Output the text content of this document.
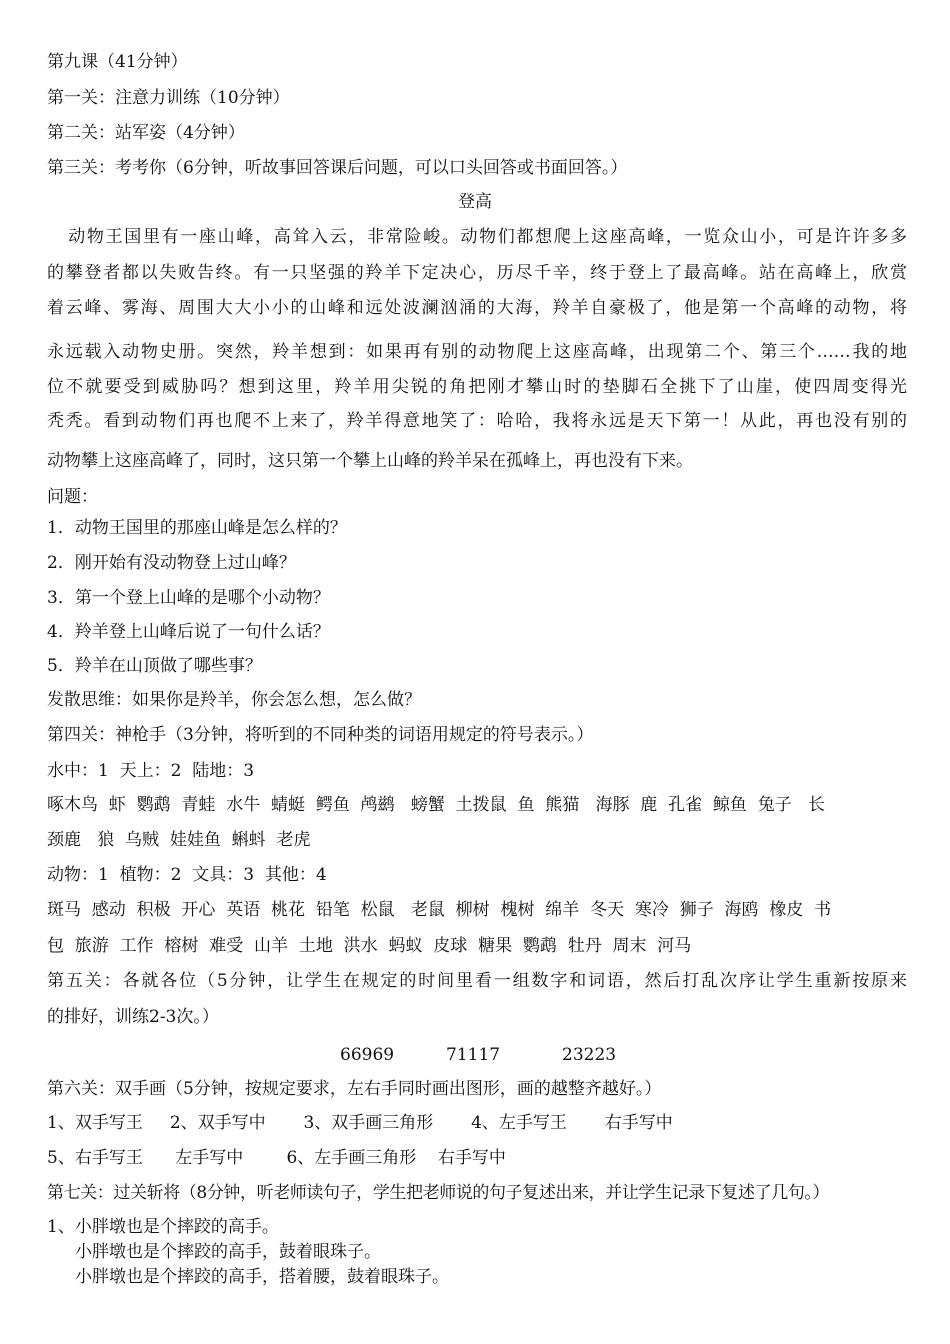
第九课（41分钟）
第一关：注意力训练（10分钟）
第二关：站军姿（4分钟）
第三关：考考你（6分钟，听故事回答课后问题，可以口头回答或书面回答。）
登高
动物王国里有一座山峰，高耸入云，非常险峻。动物们都想爬上这座高峰，一览众山小，可是许许多多
的攀登者都以失败告终。有一只坚强的羚羊下定决心，历尽千辛，终于登上了最高峰。站在高峰上，欣赏
着云峰、雾海、周围大大小小的山峰和远处波澜汹涌的大海，羚羊自豪极了，他是第一个高峰的动物，将
永远载入动物史册。突然，羚羊想到：如果再有别的动物爬上这座高峰，出现第二个、第三个……我的地
位不就要受到威胁吗？想到这里，羚羊用尖锐的角把刚才攀山时的垫脚石全挑下了山崖，使四周变得光
秃秃。看到动物们再也爬不上来了，羚羊得意地笑了：哈哈，我将永远是天下第一！从此，再也没有别的
动物攀上这座高峰了，同时，这只第一个攀上山峰的羚羊呆在孤峰上，再也没有下来。
问题：
1．动物王国里的那座山峰是怎么样的？
2．刚开始有没动物登上过山峰？
3．第一个登上山峰的是哪个小动物？
4．羚羊登上山峰后说了一句什么话？
5．羚羊在山顶做了哪些事？
发散思维：如果你是羚羊，你会怎么想，怎么做？
第四关：神枪手（3分钟，将听到的不同种类的词语用规定的符号表示。）
水中：1  天上：2  陆地：3
啄木鸟  虾  鹦鹉  青蛙  水牛  蜻蜓  鳄鱼  鸬鹚   螃蟹  土拨鼠  鱼  熊猫   海豚  鹿  孔雀  鲸鱼  兔子   长
颈鹿   狼  乌贼  娃娃鱼  蝌蚪  老虎
动物：1  植物：2  文具：3  其他：4
斑马  感动  积极  开心  英语  桃花  铅笔  松鼠   老鼠  柳树  槐树  绵羊  冬天  寒冷  狮子  海鸥  橡皮  书
包  旅游  工作  榕树  难受  山羊  土地  洪水  蚂蚁  皮球  糖果  鹦鹉  牡丹  周末  河马
第五关：各就各位（5分钟，让学生在规定的时间里看一组数字和词语，然后打乱次序让学生重新按原来
的排好，训练2-3次。）
66969	71117	23223
第六关：双手画（5分钟，按规定要求，左右手同时画出图形，画的越整齐越好。）
1、双手写王     2、双手写中       3、双手画三角形       4、左手写王       右手写中
5、右手写王      左手写中        6、左手画三角形    右手写中
第七关：过关斩将（8分钟，听老师读句子，学生把老师说的句子复述出来，并让学生记录下复述了几句。）
1、小胖墩也是个摔跤的高手。
小胖墩也是个摔跤的高手，鼓着眼珠子。
小胖墩也是个摔跤的高手，搭着腰，鼓着眼珠子。
